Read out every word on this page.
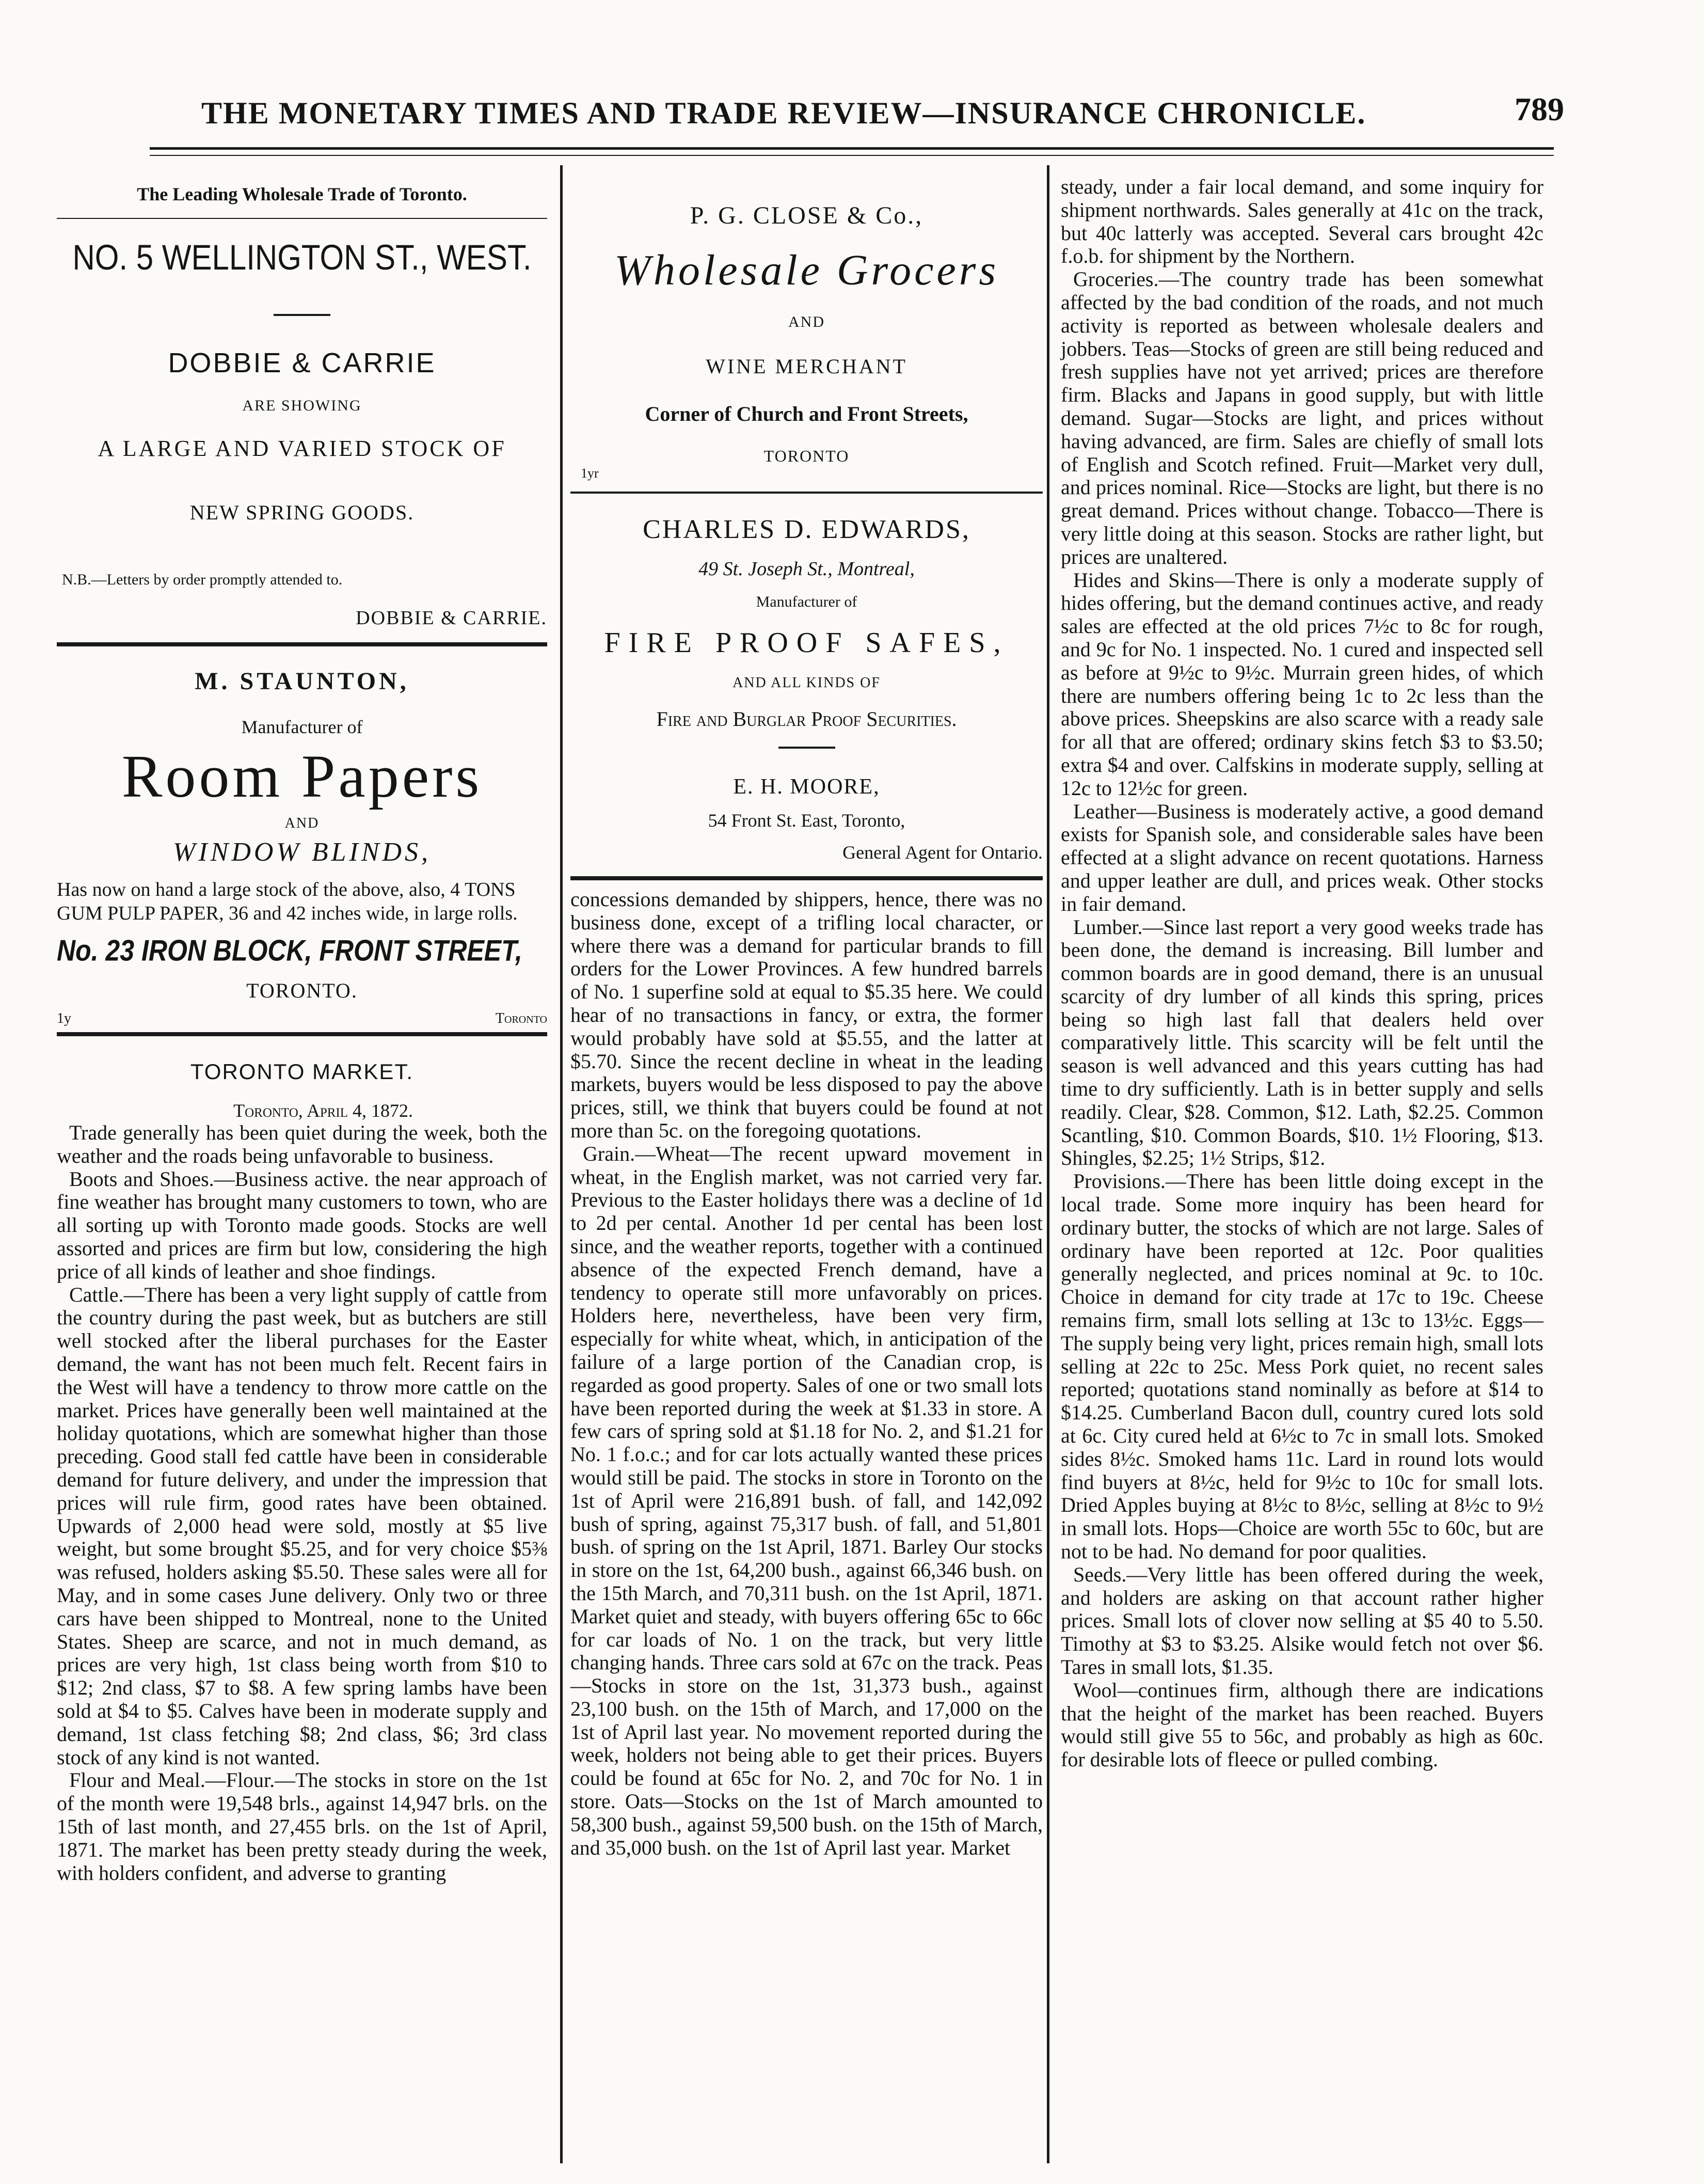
THE MONETARY TIMES AND TRADE REVIEW—INSURANCE CHRONICLE.	789

The Leading Wholesale Trade of Toronto.

NO. 5 WELLINGTON ST., WEST.

DOBBIE & CARRIE

ARE SHOWING

A LARGE AND VARIED STOCK OF

NEW SPRING GOODS.

N.B.—Letters by order promptly attended to.

DOBBIE & CARRIE.

M. STAUNTON,

Manufacturer of

Room Papers

AND

WINDOW BLINDS,

Has now on hand a large stock of the above, also, 4 TONS GUM PULP PAPER, 36 and 42 inches wide, in large rolls.

No. 23 IRON BLOCK, FRONT STREET,

TORONTO.

1y	Toronto

TORONTO MARKET.

Toronto, April 4, 1872.

Trade generally has been quiet during the week, both the weather and the roads being unfavorable to business.

Boots and Shoes.—Business active. the near approach of fine weather has brought many customers to town, who are all sorting up with Toronto made goods. Stocks are well assorted and prices are firm but low, considering the high price of all kinds of leather and shoe findings.

Cattle.—There has been a very light supply of cattle from the country during the past week, but as butchers are still well stocked after the liberal purchases for the Easter demand, the want has not been much felt. Recent fairs in the West will have a tendency to throw more cattle on the market. Prices have generally been well maintained at the holiday quotations, which are somewhat higher than those preceding. Good stall fed cattle have been in considerable demand for future delivery, and under the impression that prices will rule firm, good rates have been obtained. Upwards of 2,000 head were sold, mostly at $5 live weight, but some brought $5.25, and for very choice $5⅜ was refused, holders asking $5.50. These sales were all for May, and in some cases June delivery. Only two or three cars have been shipped to Montreal, none to the United States. Sheep are scarce, and not in much demand, as prices are very high, 1st class being worth from $10 to $12; 2nd class, $7 to $8. A few spring lambs have been sold at $4 to $5. Calves have been in moderate supply and demand, 1st class fetching $8; 2nd class, $6; 3rd class stock of any kind is not wanted.

Flour and Meal.—Flour.—The stocks in store on the 1st of the month were 19,548 brls., against 14,947 brls. on the 15th of last month, and 27,455 brls. on the 1st of April, 1871. The market has been pretty steady during the week, with holders confident, and adverse to granting

P. G. CLOSE & Co.,

Wholesale Grocers

AND

WINE MERCHANT

Corner of Church and Front Streets,

TORONTO

1yr

CHARLES D. EDWARDS,

49 St. Joseph St., Montreal,

Manufacturer of

FIRE PROOF SAFES,

AND ALL KINDS OF

Fire and Burglar Proof Securities.

E. H. MOORE,

54 Front St. East, Toronto,

General Agent for Ontario.

concessions demanded by shippers, hence, there was no business done, except of a trifling local character, or where there was a demand for particular brands to fill orders for the Lower Provinces. A few hundred barrels of No. 1 superfine sold at equal to $5.35 here. We could hear of no transactions in fancy, or extra, the former would probably have sold at $5.55, and the latter at $5.70. Since the recent decline in wheat in the leading markets, buyers would be less disposed to pay the above prices, still, we think that buyers could be found at not more than 5c. on the foregoing quotations.

Grain.—Wheat—The recent upward movement in wheat, in the English market, was not carried very far. Previous to the Easter holidays there was a decline of 1d to 2d per cental. Another 1d per cental has been lost since, and the weather reports, together with a continued absence of the expected French demand, have a tendency to operate still more unfavorably on prices. Holders here, nevertheless, have been very firm, especially for white wheat, which, in anticipation of the failure of a large portion of the Canadian crop, is regarded as good property. Sales of one or two small lots have been reported during the week at $1.33 in store. A few cars of spring sold at $1.18 for No. 2, and $1.21 for No. 1 f.o.c.; and for car lots actually wanted these prices would still be paid. The stocks in store in Toronto on the 1st of April were 216,891 bush. of fall, and 142,092 bush of spring, against 75,317 bush. of fall, and 51,801 bush. of spring on the 1st April, 1871. Barley Our stocks in store on the 1st, 64,200 bush., against 66,346 bush. on the 15th March, and 70,311 bush. on the 1st April, 1871. Market quiet and steady, with buyers offering 65c to 66c for car loads of No. 1 on the track, but very little changing hands. Three cars sold at 67c on the track. Peas—Stocks in store on the 1st, 31,373 bush., against 23,100 bush. on the 15th of March, and 17,000 on the 1st of April last year. No movement reported during the week, holders not being able to get their prices. Buyers could be found at 65c for No. 2, and 70c for No. 1 in store. Oats—Stocks on the 1st of March amounted to 58,300 bush., against 59,500 bush. on the 15th of March, and 35,000 bush. on the 1st of April last year. Market

steady, under a fair local demand, and some inquiry for shipment northwards. Sales generally at 41c on the track, but 40c latterly was accepted. Several cars brought 42c f.o.b. for shipment by the Northern.

Groceries.—The country trade has been somewhat affected by the bad condition of the roads, and not much activity is reported as between wholesale dealers and jobbers. Teas—Stocks of green are still being reduced and fresh supplies have not yet arrived; prices are therefore firm. Blacks and Japans in good supply, but with little demand. Sugar—Stocks are light, and prices without having advanced, are firm. Sales are chiefly of small lots of English and Scotch refined. Fruit—Market very dull, and prices nominal. Rice—Stocks are light, but there is no great demand. Prices without change. Tobacco—There is very little doing at this season. Stocks are rather light, but prices are unaltered.

Hides and Skins—There is only a moderate supply of hides offering, but the demand continues active, and ready sales are effected at the old prices 7½c to 8c for rough, and 9c for No. 1 inspected. No. 1 cured and inspected sell as before at 9½c to 9½c. Murrain green hides, of which there are numbers offering being 1c to 2c less than the above prices. Sheepskins are also scarce with a ready sale for all that are offered; ordinary skins fetch $3 to $3.50; extra $4 and over. Calfskins in moderate supply, selling at 12c to 12½c for green.

Leather—Business is moderately active, a good demand exists for Spanish sole, and considerable sales have been effected at a slight advance on recent quotations. Harness and upper leather are dull, and prices weak. Other stocks in fair demand.

Lumber.—Since last report a very good weeks trade has been done, the demand is increasing. Bill lumber and common boards are in good demand, there is an unusual scarcity of dry lumber of all kinds this spring, prices being so high last fall that dealers held over comparatively little. This scarcity will be felt until the season is well advanced and this years cutting has had time to dry sufficiently. Lath is in better supply and sells readily. Clear, $28. Common, $12. Lath, $2.25. Common Scantling, $10. Common Boards, $10. 1½ Flooring, $13. Shingles, $2.25; 1½ Strips, $12.

Provisions.—There has been little doing except in the local trade. Some more inquiry has been heard for ordinary butter, the stocks of which are not large. Sales of ordinary have been reported at 12c. Poor qualities generally neglected, and prices nominal at 9c. to 10c. Choice in demand for city trade at 17c to 19c. Cheese remains firm, small lots selling at 13c to 13½c. Eggs—The supply being very light, prices remain high, small lots selling at 22c to 25c. Mess Pork quiet, no recent sales reported; quotations stand nominally as before at $14 to $14.25. Cumberland Bacon dull, country cured lots sold at 6c. City cured held at 6½c to 7c in small lots. Smoked sides 8½c. Smoked hams 11c. Lard in round lots would find buyers at 8½c, held for 9½c to 10c for small lots. Dried Apples buying at 8½c to 8½c, selling at 8½c to 9½ in small lots. Hops—Choice are worth 55c to 60c, but are not to be had. No demand for poor qualities.

Seeds.—Very little has been offered during the week, and holders are asking on that account rather higher prices. Small lots of clover now selling at $5 40 to 5.50. Timothy at $3 to $3.25. Alsike would fetch not over $6. Tares in small lots, $1.35.

Wool—continues firm, although there are indications that the height of the market has been reached. Buyers would still give 55 to 56c, and probably as high as 60c. for desirable lots of fleece or pulled combing.
